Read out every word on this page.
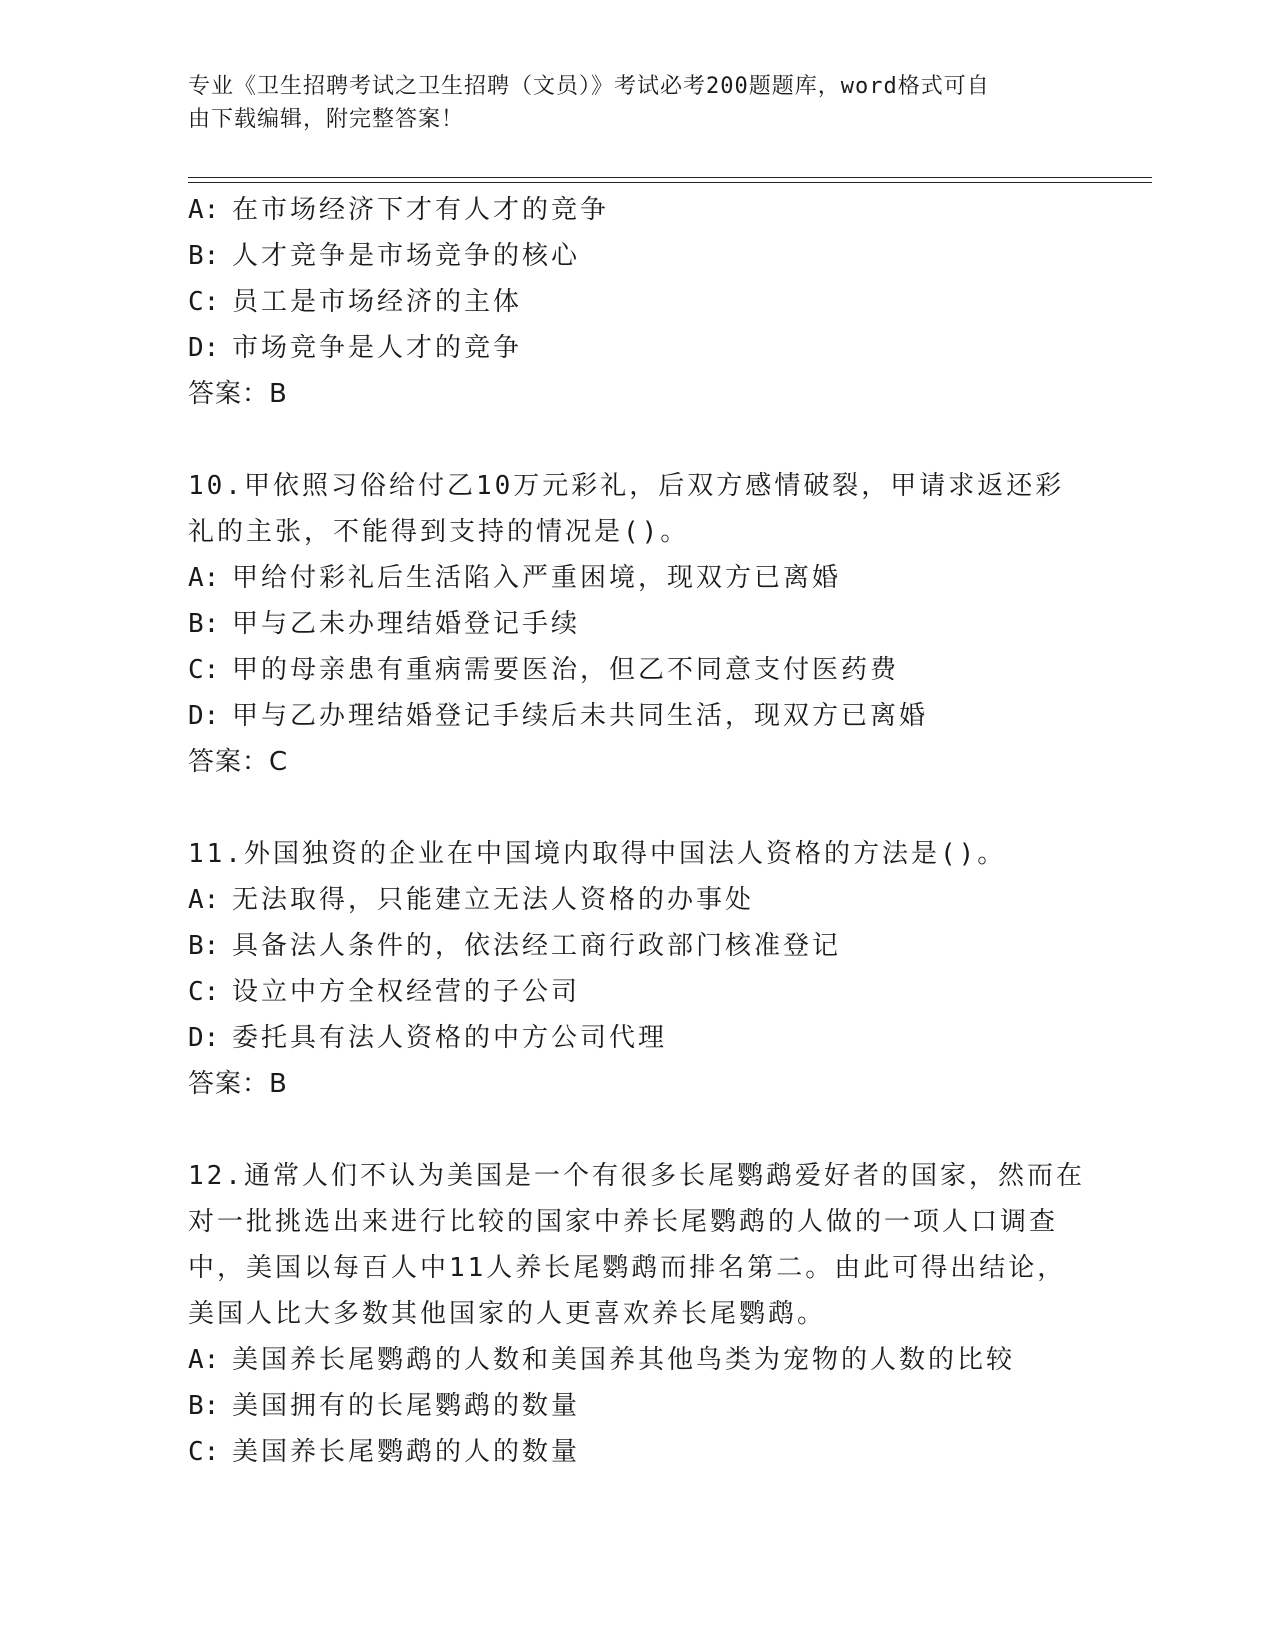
专业《卫生招聘考试之卫生招聘（文员）》考试必考200题题库，word格式可自
由下载编辑，附完整答案！
A: 在市场经济下才有人才的竞争
B: 人才竞争是市场竞争的核心
C: 员工是市场经济的主体
D: 市场竞争是人才的竞争
答案：B
10.甲依照习俗给付乙10万元彩礼，后双方感情破裂，甲请求返还彩
礼的主张，不能得到支持的情况是()。
A: 甲给付彩礼后生活陷入严重困境，现双方已离婚
B: 甲与乙未办理结婚登记手续
C: 甲的母亲患有重病需要医治，但乙不同意支付医药费
D: 甲与乙办理结婚登记手续后未共同生活，现双方已离婚
答案：C
11.外国独资的企业在中国境内取得中国法人资格的方法是()。
A: 无法取得，只能建立无法人资格的办事处
B: 具备法人条件的，依法经工商行政部门核准登记
C: 设立中方全权经营的子公司
D: 委托具有法人资格的中方公司代理
答案：B
12.通常人们不认为美国是一个有很多长尾鹦鹉爱好者的国家，然而在
对一批挑选出来进行比较的国家中养长尾鹦鹉的人做的一项人口调查
中，美国以每百人中11人养长尾鹦鹉而排名第二。由此可得出结论，
美国人比大多数其他国家的人更喜欢养长尾鹦鹉。
A: 美国养长尾鹦鹉的人数和美国养其他鸟类为宠物的人数的比较
B: 美国拥有的长尾鹦鹉的数量
C: 美国养长尾鹦鹉的人的数量
